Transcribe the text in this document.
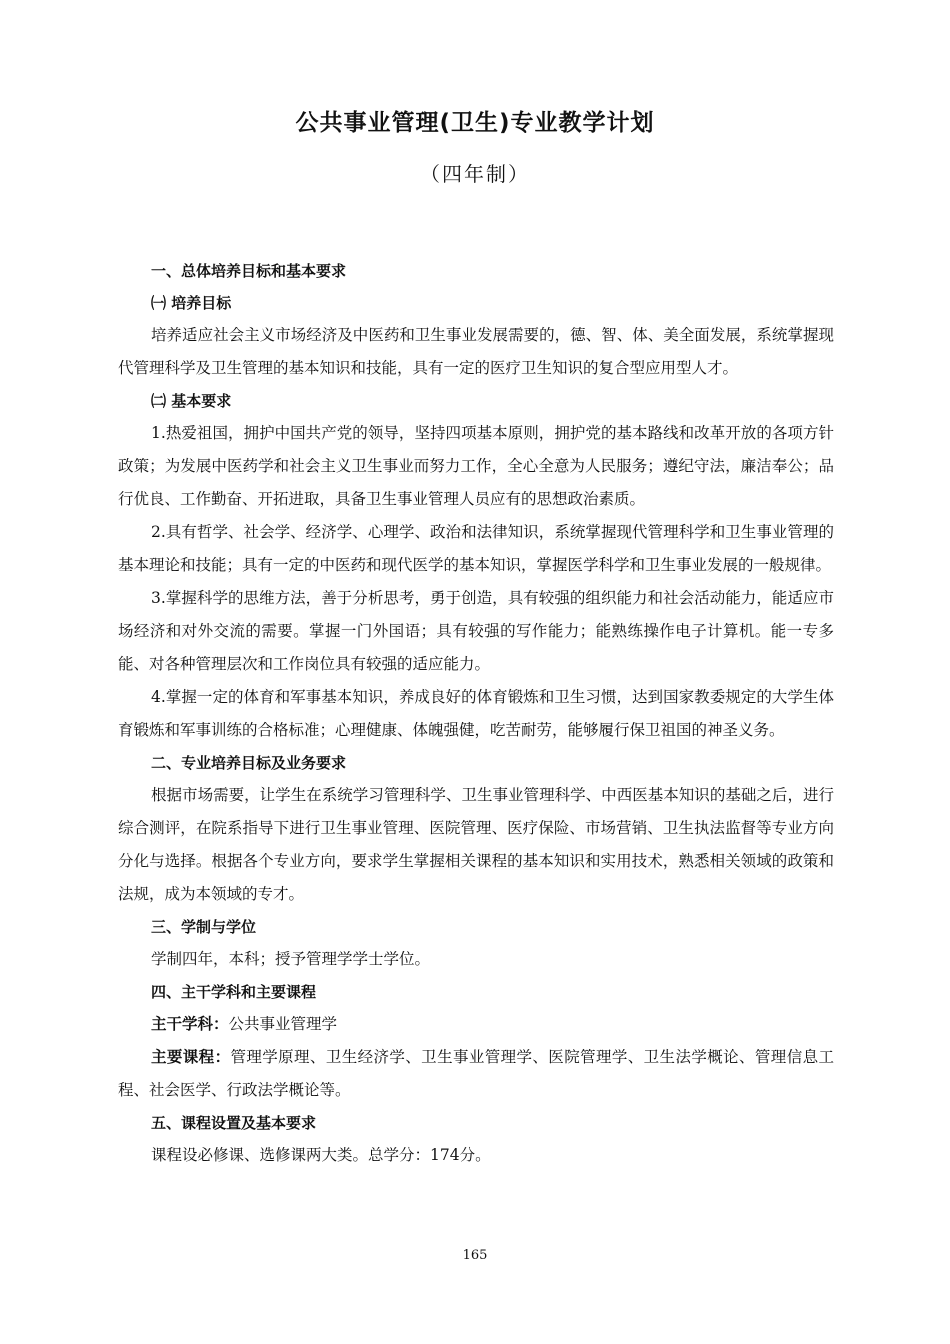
公共事业管理(卫生)专业教学计划
（四年制）

一、总体培养目标和基本要求

㈠ 培养目标

培养适应社会主义市场经济及中医药和卫生事业发展需要的，德、智、体、美全面发展，系统掌握现代管理科学及卫生管理的基本知识和技能，具有一定的医疗卫生知识的复合型应用型人才。

㈡ 基本要求

1.热爱祖国，拥护中国共产党的领导，坚持四项基本原则，拥护党的基本路线和改革开放的各项方针政策；为发展中医药学和社会主义卫生事业而努力工作，全心全意为人民服务；遵纪守法，廉洁奉公；品行优良、工作勤奋、开拓进取，具备卫生事业管理人员应有的思想政治素质。

2.具有哲学、社会学、经济学、心理学、政治和法律知识，系统掌握现代管理科学和卫生事业管理的基本理论和技能；具有一定的中医药和现代医学的基本知识，掌握医学科学和卫生事业发展的一般规律。

3.掌握科学的思维方法，善于分析思考，勇于创造，具有较强的组织能力和社会活动能力，能适应市场经济和对外交流的需要。掌握一门外国语；具有较强的写作能力；能熟练操作电子计算机。能一专多能、对各种管理层次和工作岗位具有较强的适应能力。

4.掌握一定的体育和军事基本知识，养成良好的体育锻炼和卫生习惯，达到国家教委规定的大学生体育锻炼和军事训练的合格标准；心理健康、体魄强健，吃苦耐劳，能够履行保卫祖国的神圣义务。

二、专业培养目标及业务要求

根据市场需要，让学生在系统学习管理科学、卫生事业管理科学、中西医基本知识的基础之后，进行综合测评，在院系指导下进行卫生事业管理、医院管理、医疗保险、市场营销、卫生执法监督等专业方向分化与选择。根据各个专业方向，要求学生掌握相关课程的基本知识和实用技术，熟悉相关领域的政策和法规，成为本领域的专才。

三、学制与学位

学制四年，本科；授予管理学学士学位。

四、主干学科和主要课程

主干学科：公共事业管理学

主要课程：管理学原理、卫生经济学、卫生事业管理学、医院管理学、卫生法学概论、管理信息工程、社会医学、行政法学概论等。

五、课程设置及基本要求

课程设必修课、选修课两大类。总学分：174分。

165
